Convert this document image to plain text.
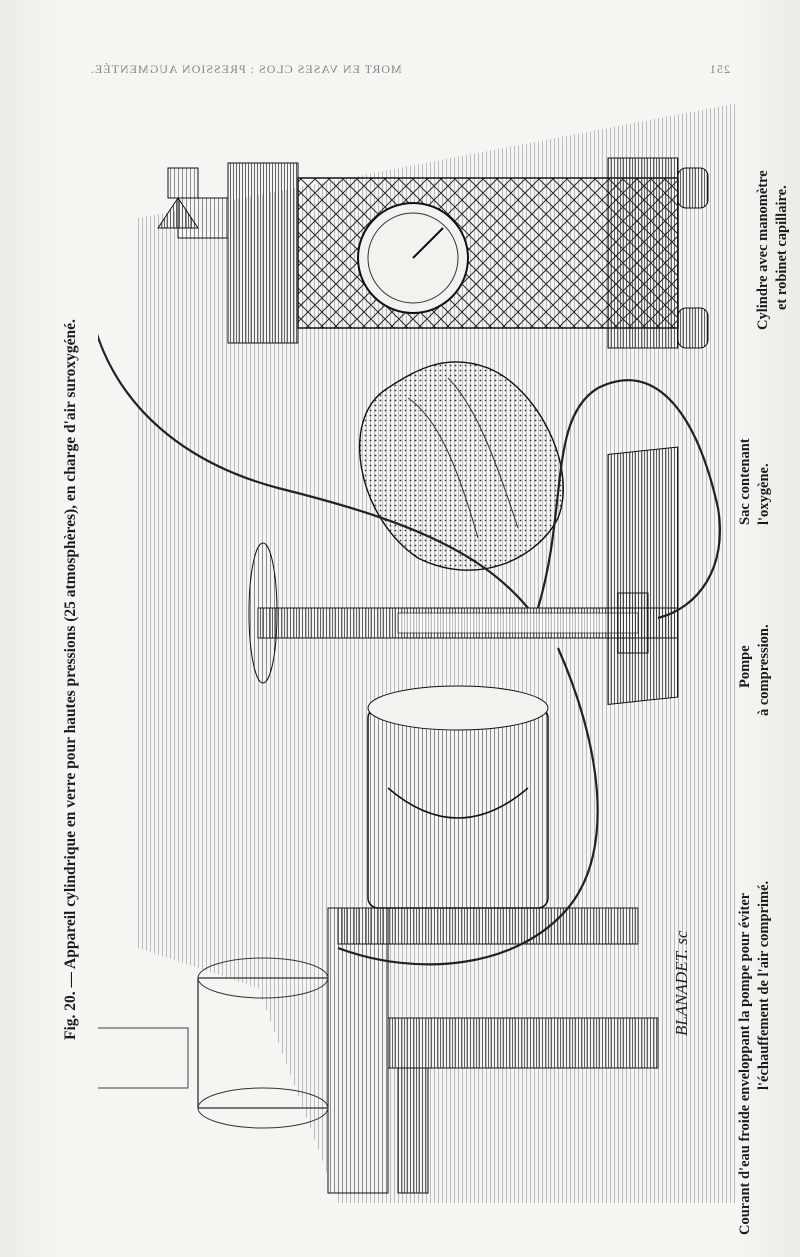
251
MORT EN VASES CLOS : PRESSION AUGMENTÉE.
Fig. 20. — Appareil cylindrique en verre pour hautes pressions (25 atmosphères), en charge d'air suroxygéné.
Courant d'eau froide enveloppant la pompe pour éviter l'échauffement de l'air comprimé.
Pompe à compression.
Sac contenant l'oxygène.
Cylindre avec manomètre et robinet capillaire.
BLANADET. sc
